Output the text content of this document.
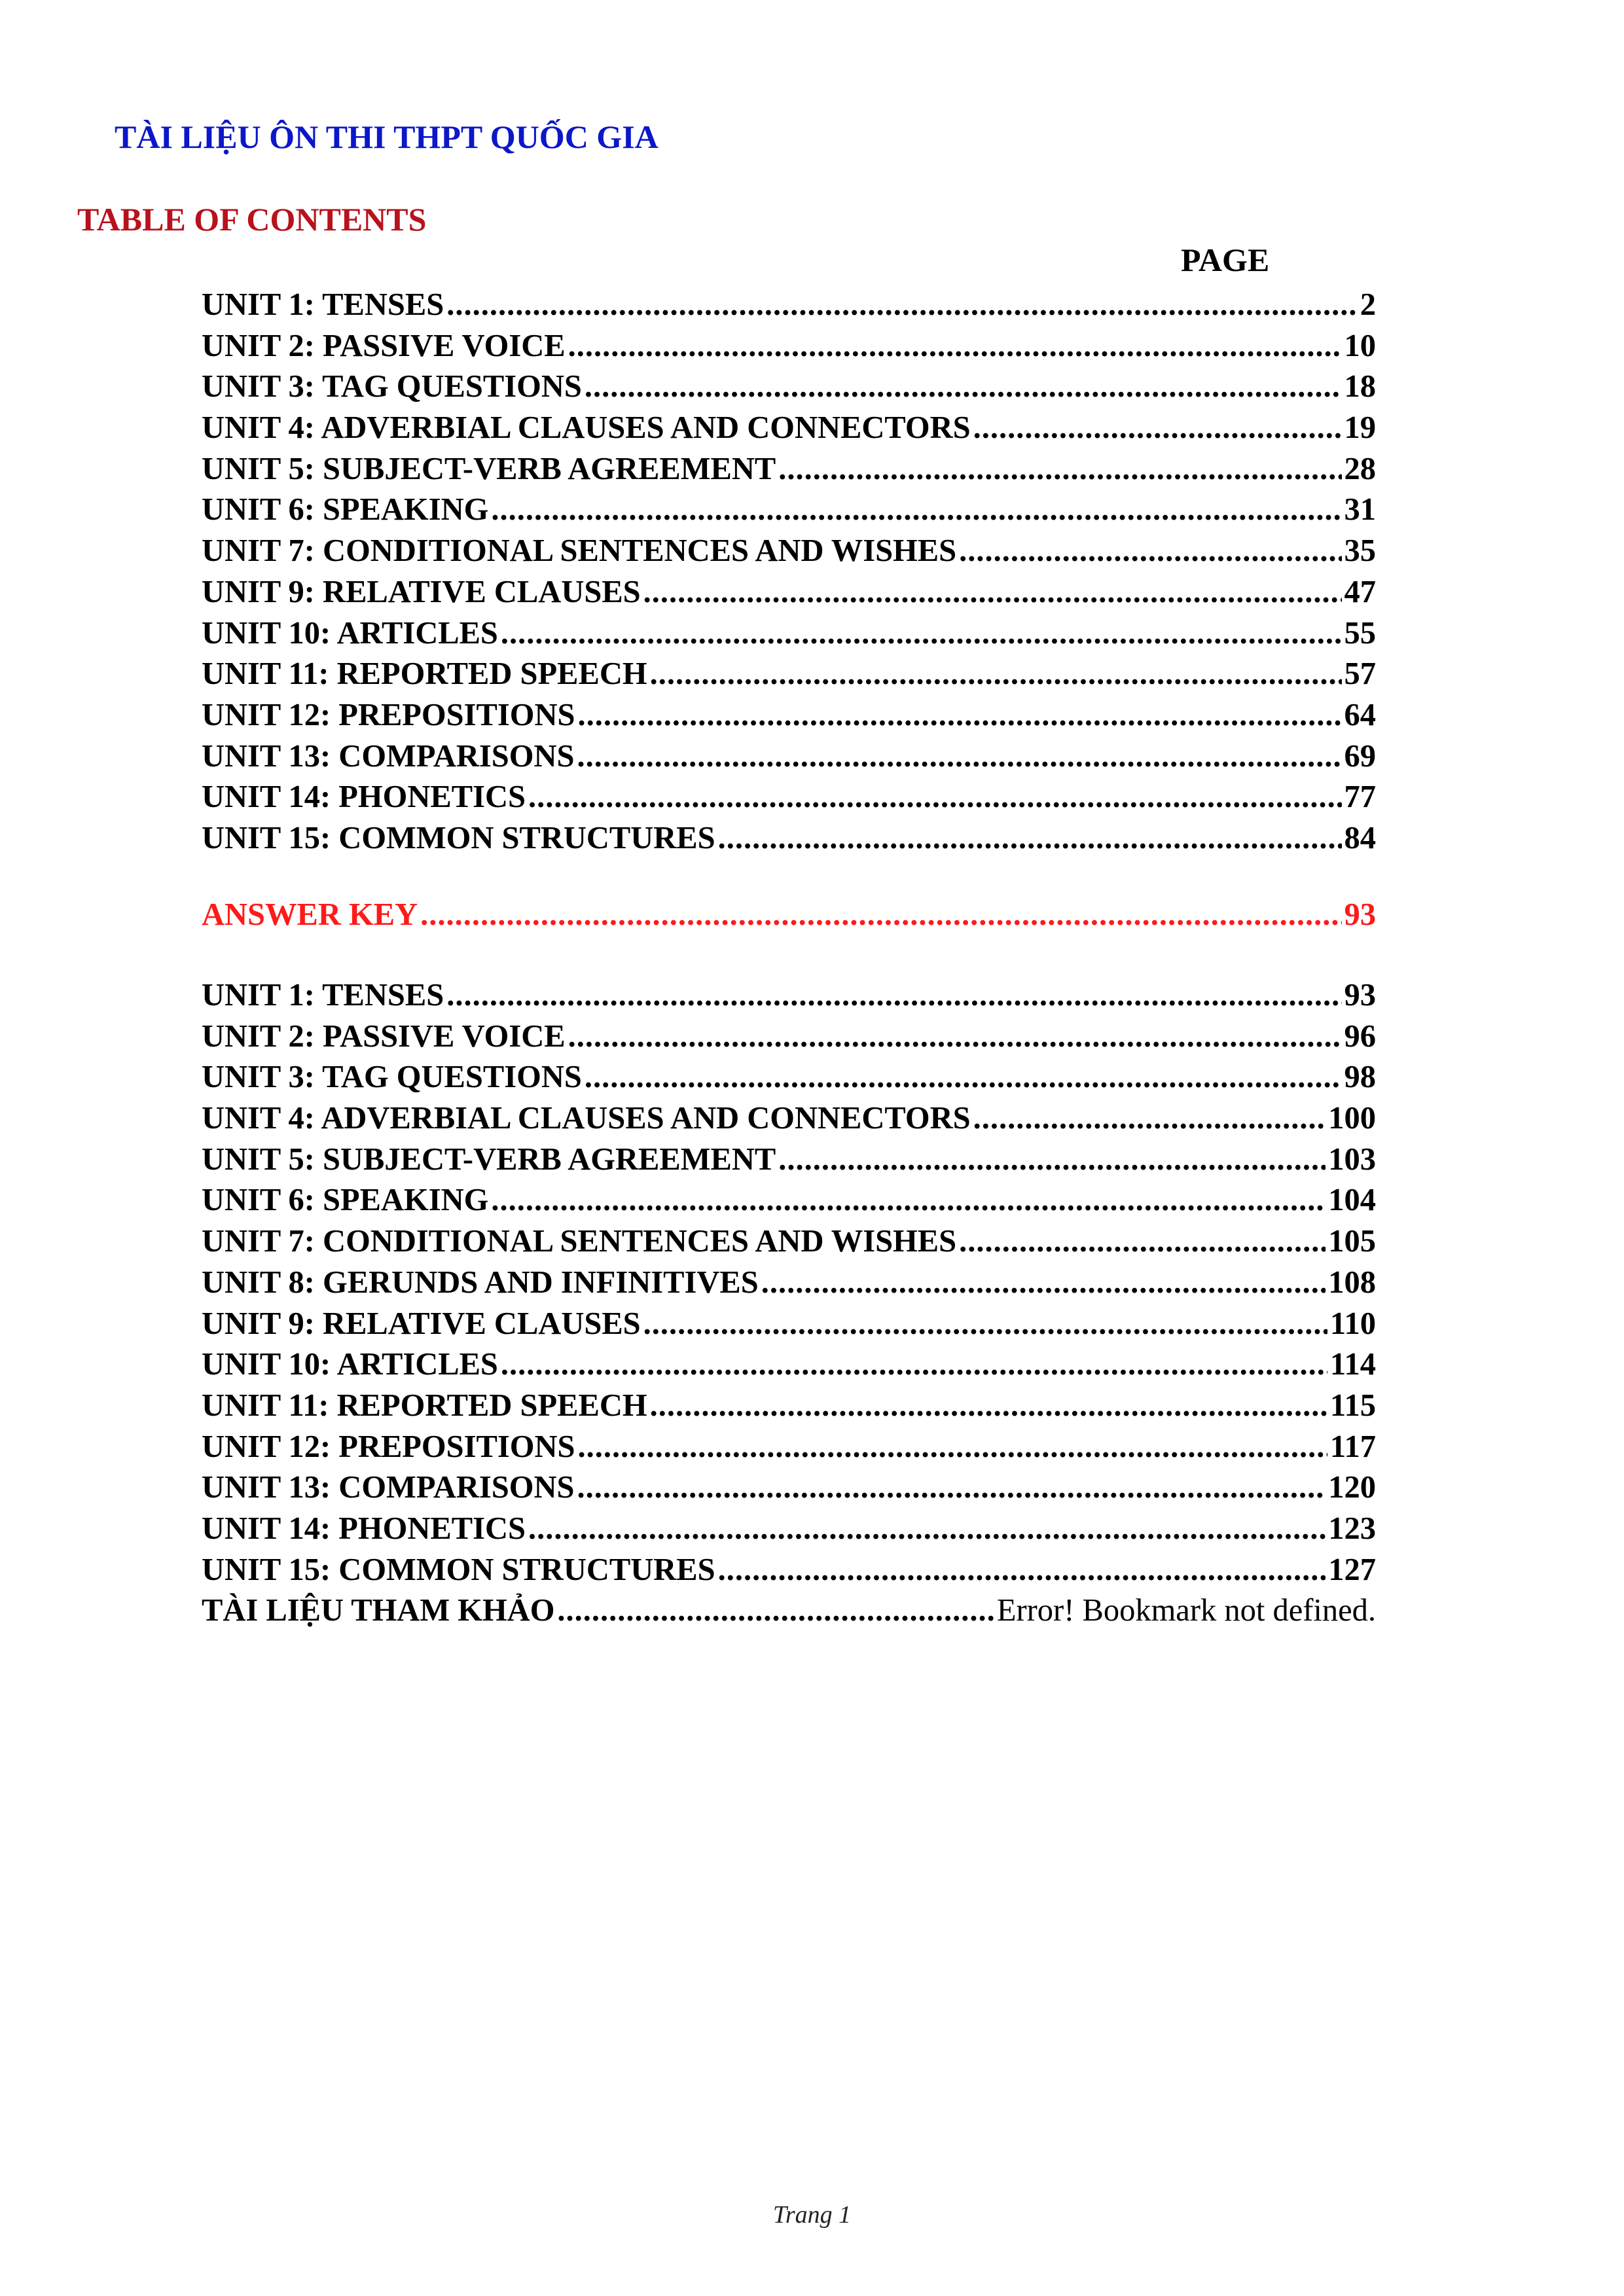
TÀI LIỆU ÔN THI THPT QUỐC GIA
TABLE OF CONTENTS
PAGE
UNIT 1: TENSES .....	2
UNIT 2: PASSIVE VOICE .....	10
UNIT 3: TAG QUESTIONS .....	18
UNIT 4: ADVERBIAL CLAUSES AND CONNECTORS .....	19
UNIT 5: SUBJECT-VERB AGREEMENT .....	28
UNIT 6: SPEAKING .....	31
UNIT 7: CONDITIONAL SENTENCES AND WISHES .....	35
UNIT 9: RELATIVE CLAUSES .....	47
UNIT 10: ARTICLES .....	55
UNIT 11: REPORTED SPEECH .....	57
UNIT 12: PREPOSITIONS .....	64
UNIT 13: COMPARISONS .....	69
UNIT 14: PHONETICS .....	77
UNIT 15: COMMON STRUCTURES .....	84
ANSWER KEY .....	93
UNIT 1: TENSES .....	93
UNIT 2: PASSIVE VOICE .....	96
UNIT 3: TAG QUESTIONS .....	98
UNIT 4: ADVERBIAL CLAUSES AND CONNECTORS .....	100
UNIT 5: SUBJECT-VERB AGREEMENT .....	103
UNIT 6: SPEAKING .....	104
UNIT 7: CONDITIONAL SENTENCES AND WISHES .....	105
UNIT 8: GERUNDS AND INFINITIVES .....	108
UNIT 9: RELATIVE CLAUSES .....	110
UNIT 10: ARTICLES .....	114
UNIT 11: REPORTED SPEECH .....	115
UNIT 12: PREPOSITIONS .....	117
UNIT 13: COMPARISONS .....	120
UNIT 14: PHONETICS .....	123
UNIT 15: COMMON STRUCTURES .....	127
TÀI LIỆU THAM KHẢO .....	Error! Bookmark not defined.
Trang 1
